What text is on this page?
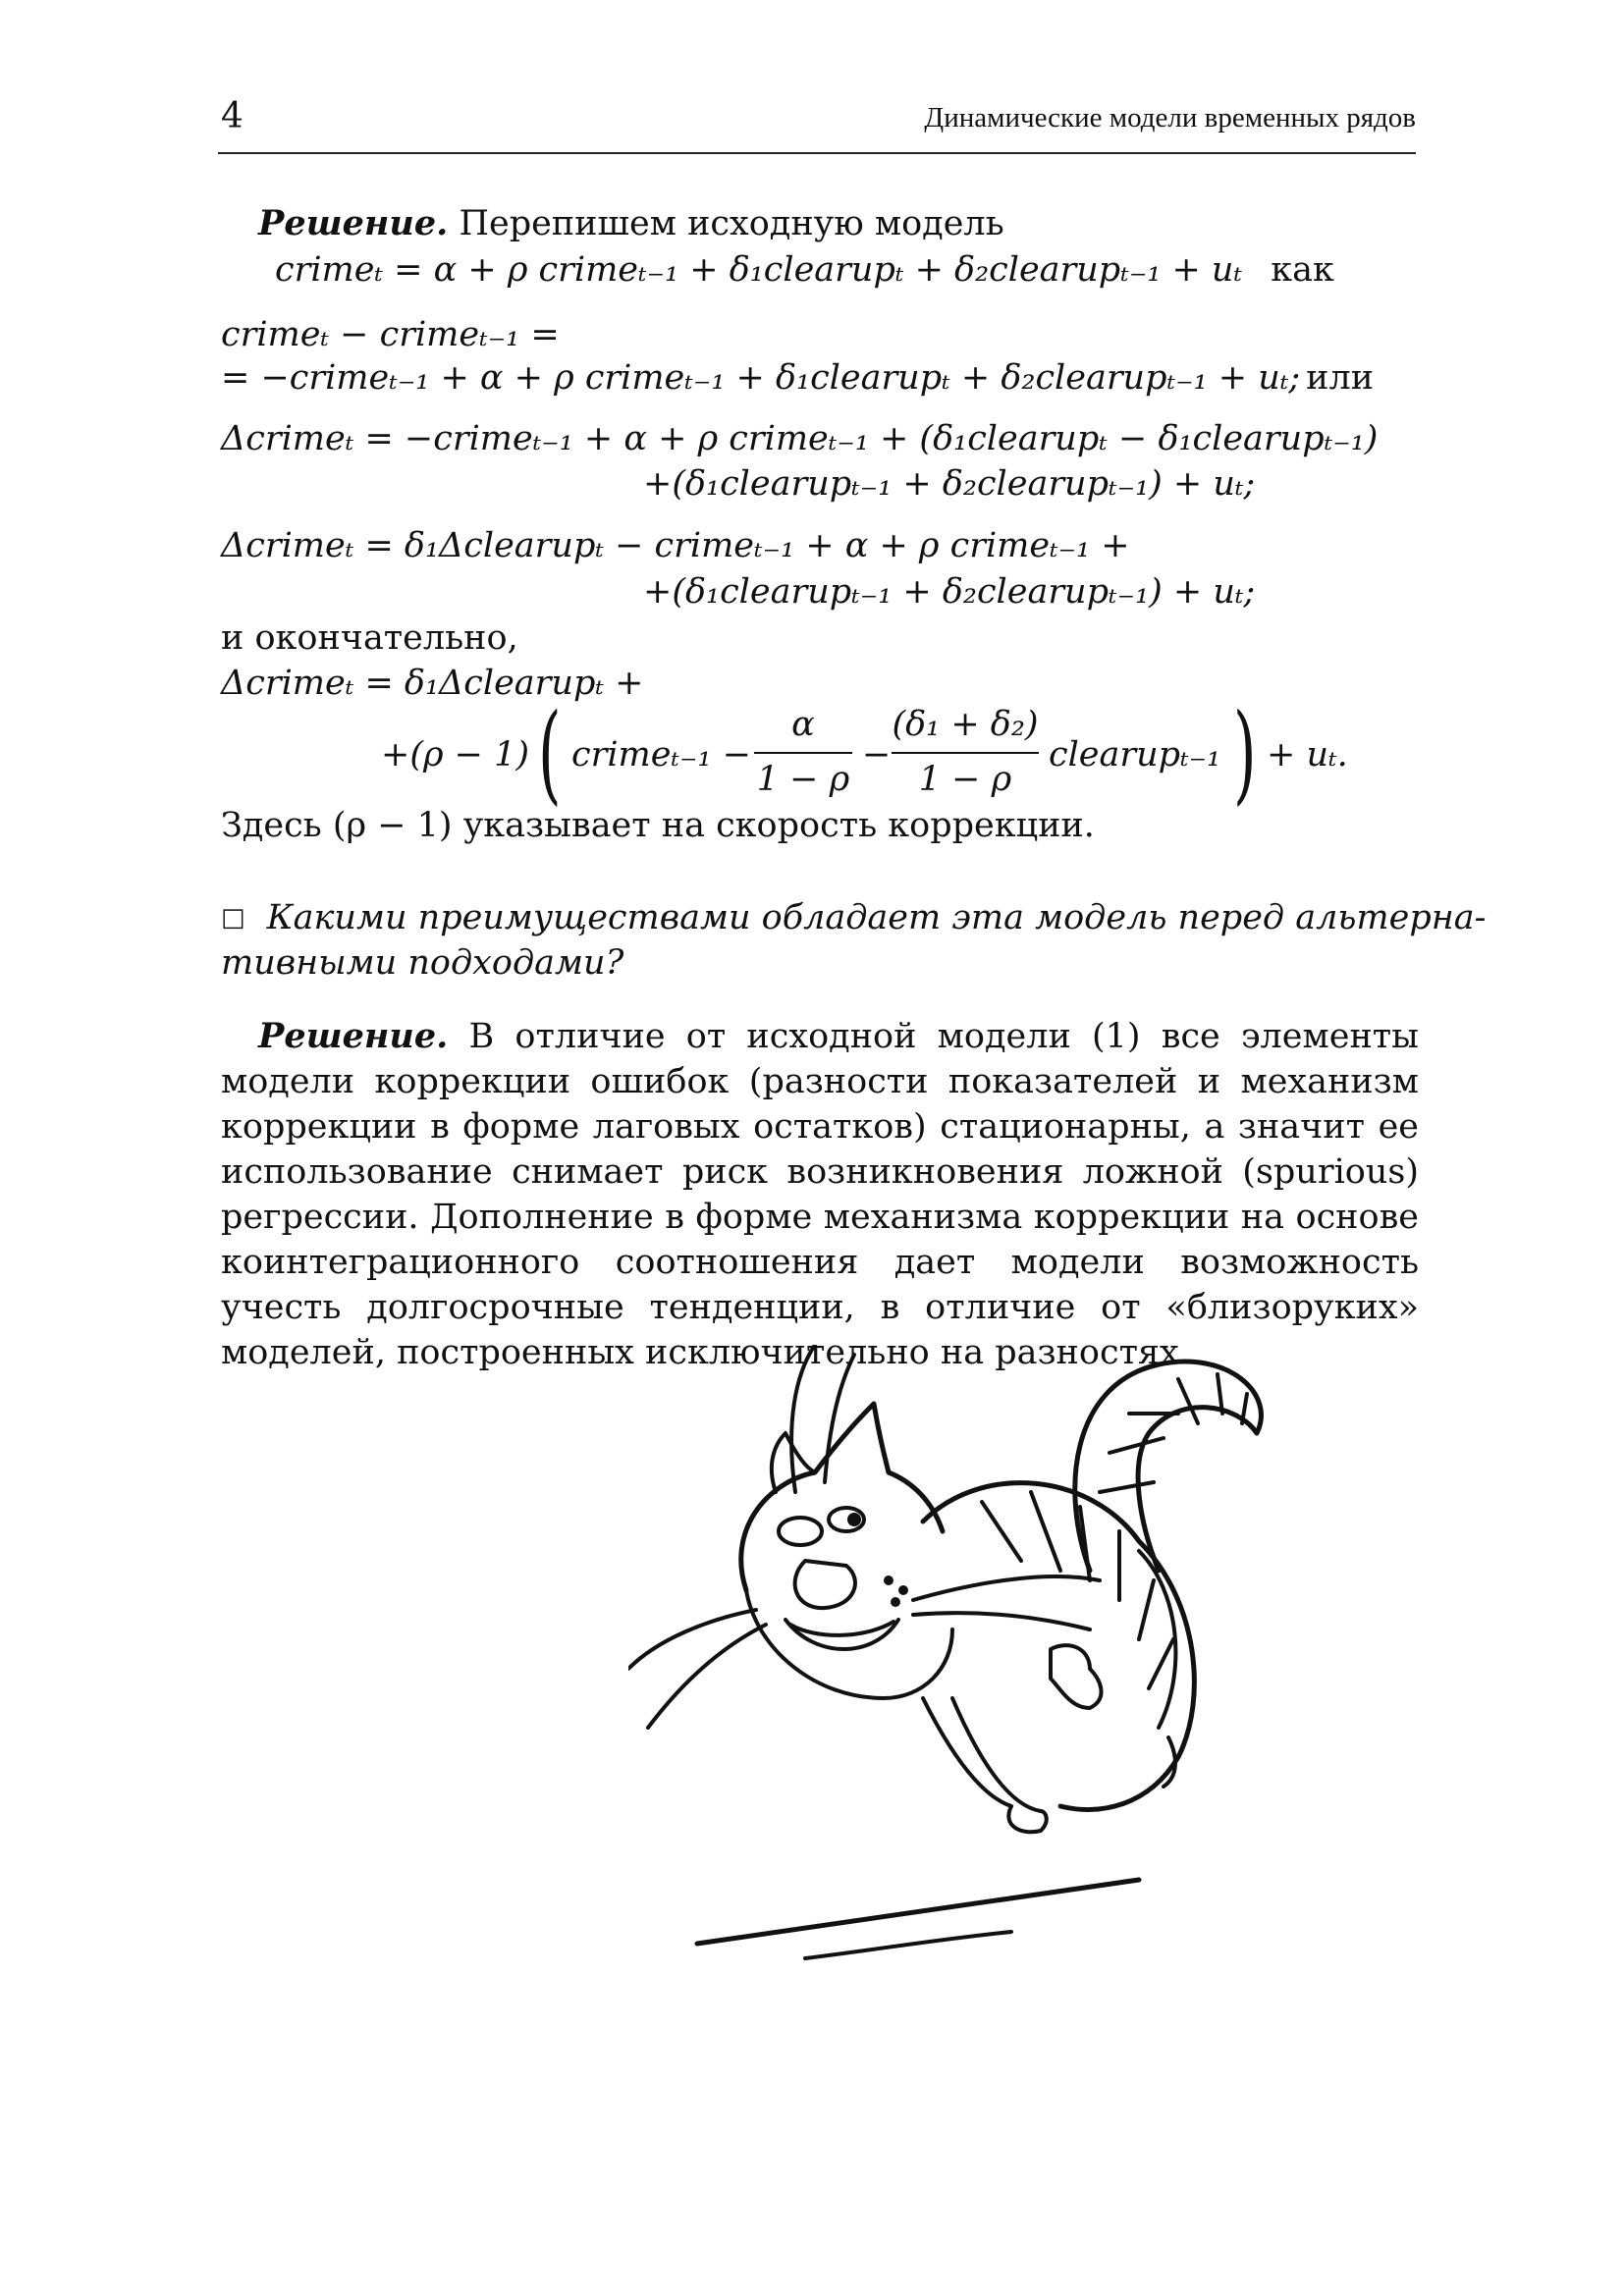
4	Динамические модели временных рядов
Решение. Перепишем исходную модель
crimeₜ = α + ρ crimeₜ₋₁ + δ₁clearupₜ + δ₂clearupₜ₋₁ + uₜ как
crimeₜ − crimeₜ₋₁ =
= −crimeₜ₋₁ + α + ρ crimeₜ₋₁ + δ₁clearupₜ + δ₂clearupₜ₋₁ + uₜ; или
Δcrimeₜ = −crimeₜ₋₁ + α + ρ crimeₜ₋₁ + (δ₁clearupₜ − δ₁clearupₜ₋₁)
+(δ₁clearupₜ₋₁ + δ₂clearupₜ₋₁) + uₜ;
Δcrimeₜ = δ₁Δclearupₜ − crimeₜ₋₁ + α + ρ crimeₜ₋₁ +
+(δ₁clearupₜ₋₁ + δ₂clearupₜ₋₁) + uₜ;
и окончательно,
Δcrimeₜ = δ₁Δclearupₜ +
+(ρ − 1) ( crimeₜ₋₁ −
α
1 − ρ
−
(δ₁ + δ₂)
1 − ρ
clearupₜ₋₁ ) + uₜ.
Здесь (ρ − 1) указывает на скорость коррекции.
□ Какими преимуществами обладает эта модель перед альтерна-
тивными подходами?
Решение. В отличие от исходной модели (1) все элементы модели коррекции ошибок (разности показателей и механизм коррекции в форме лаговых остатков) стационарны, а значит ее использование снимает риск возникновения ложной (spurious) регрессии. Дополнение в форме механизма коррекции на основе коинтеграционного соотношения дает модели возможность учесть долгосрочные тенденции, в отличие от «близоруких» моделей, построенных исключительно на разностях.
